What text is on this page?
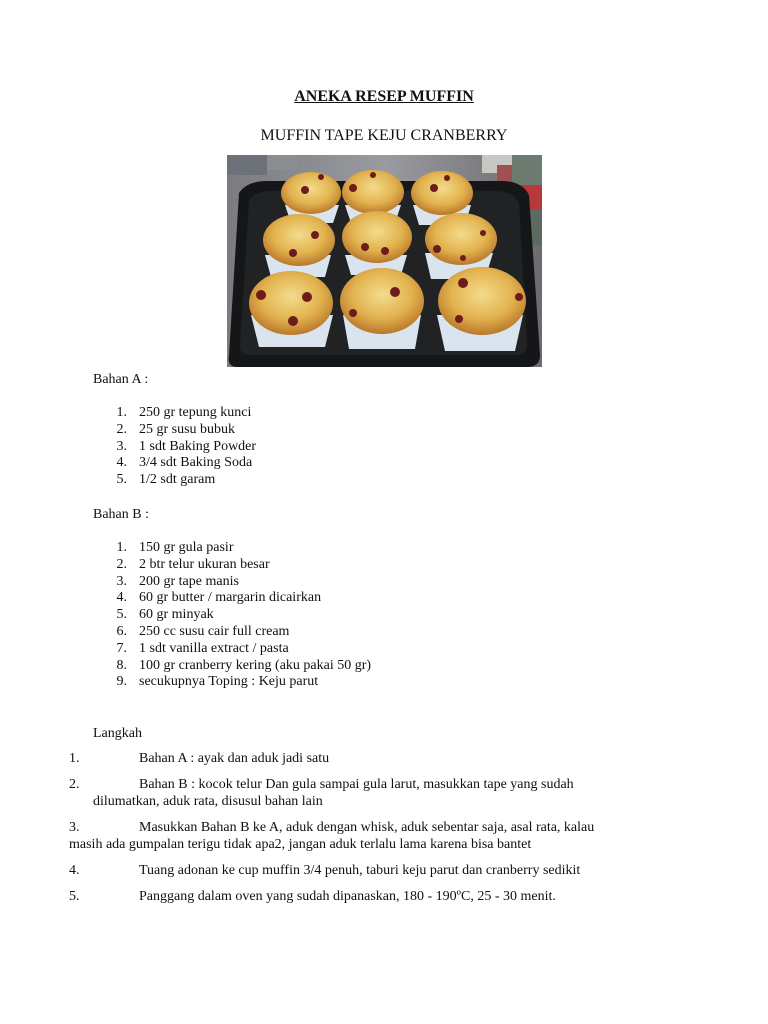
ANEKA RESEP MUFFIN
MUFFIN TAPE KEJU CRANBERRY
Bahan A :
1. 250 gr tepung kunci
2. 25 gr susu bubuk
3. 1 sdt Baking Powder
4. 3/4 sdt Baking Soda
5. 1/2 sdt garam
Bahan B :
1. 150 gr gula pasir
2. 2 btr telur ukuran besar
3. 200 gr tape manis
4. 60 gr butter / margarin dicairkan
5. 60 gr minyak
6. 250 cc susu cair full cream
7. 1 sdt vanilla extract / pasta
8. 100 gr cranberry kering (aku pakai 50 gr)
9. secukupnya Toping : Keju parut
Langkah
1.	Bahan A : ayak dan aduk jadi satu
2.	Bahan B : kocok telur Dan gula sampai gula larut, masukkan tape yang sudah
dilumatkan, aduk rata, disusul bahan lain
3.	Masukkan Bahan B ke A, aduk dengan whisk, aduk sebentar saja, asal rata, kalau
masih ada gumpalan terigu tidak apa2, jangan aduk terlalu lama karena bisa bantet
4.	Tuang adonan ke cup muffin 3/4 penuh, taburi keju parut dan cranberry sedikit
5.	Panggang dalam oven yang sudah dipanaskan, 180 - 190ºC, 25 - 30 menit.
